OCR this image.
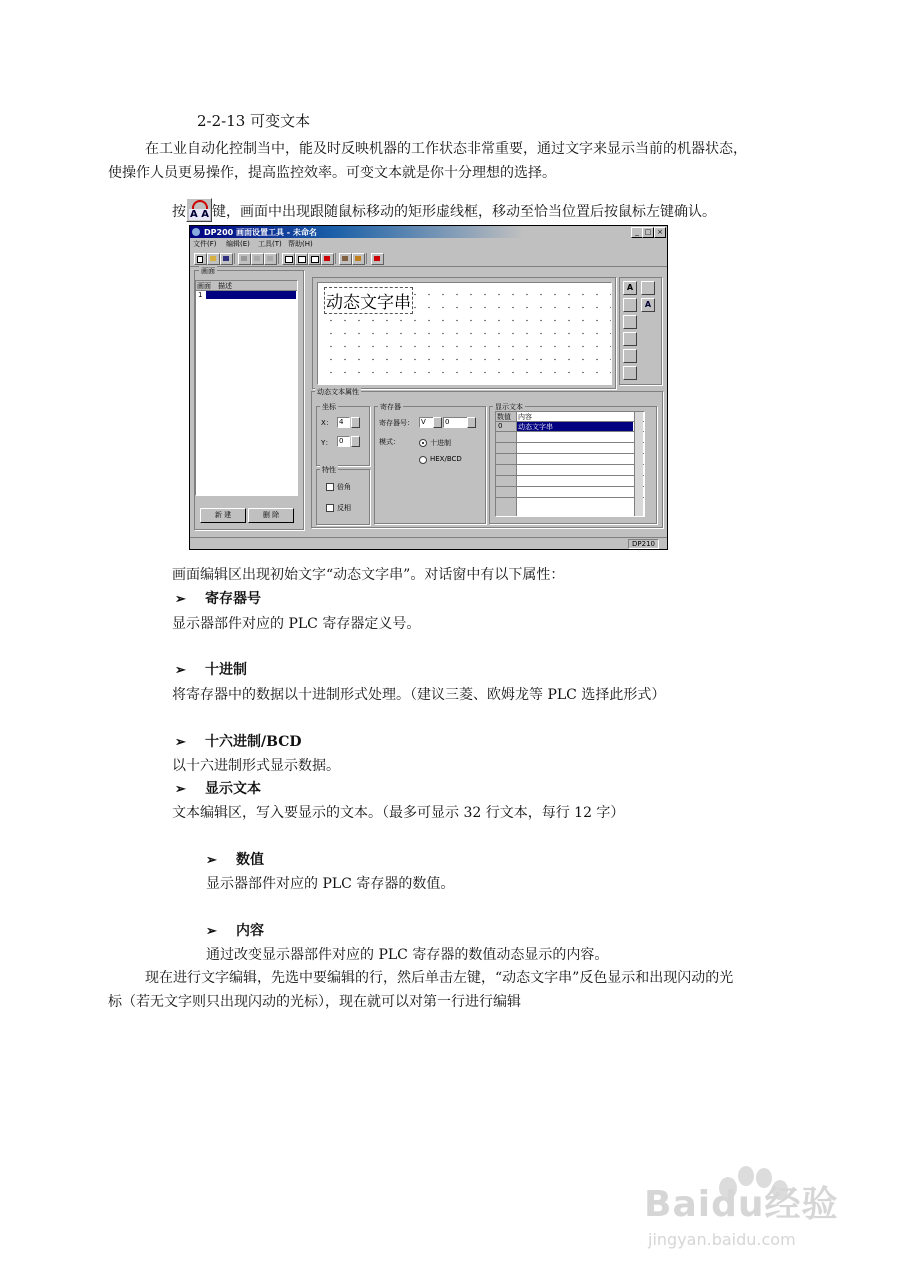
2-2-13 可变文本
在工业自动化控制当中，能及时反映机器的工作状态非常重要，通过文字来显示当前的机器状态，
使操作人员更易操作，提高监控效率。可变文本就是你十分理想的选择。
按 A A 键，画面中出现跟随鼠标移动的矩形虚线框，移动至恰当位置后按鼠标左键确认。
DP200 画面设置工具 - 未命名	_ □ ×
文件(F) 编辑(E) 工具(T) 帮助(H)
画面
画面 描述
1
新 建	删 除
动态文字串
A
A
动态文本属性
坐标
X： 4
Y： 0
特性
倍角
反相
寄存器
寄存器号： V	0
模式：	十进制
HEX/BCD
显示文本
数值 内容
0 动态文字串
DP210
画面编辑区出现初始文字“动态文字串”。对话窗中有以下属性：
➢ 寄存器号
显示器部件对应的 PLC 寄存器定义号。
➢ 十进制
将寄存器中的数据以十进制形式处理。（建议三菱、欧姆龙等 PLC 选择此形式）
➢ 十六进制/BCD
以十六进制形式显示数据。
➢ 显示文本
文本编辑区，写入要显示的文本。（最多可显示 32 行文本，每行 12 字）
➢ 数值
显示器部件对应的 PLC 寄存器的数值。
➢ 内容
通过改变显示器部件对应的 PLC 寄存器的数值动态显示的内容。
现在进行文字编辑，先选中要编辑的行，然后单击左键，“动态文字串”反色显示和出现闪动的光
标（若无文字则只出现闪动的光标），现在就可以对第一行进行编辑
Baidu经验
jingyan.baidu.com
